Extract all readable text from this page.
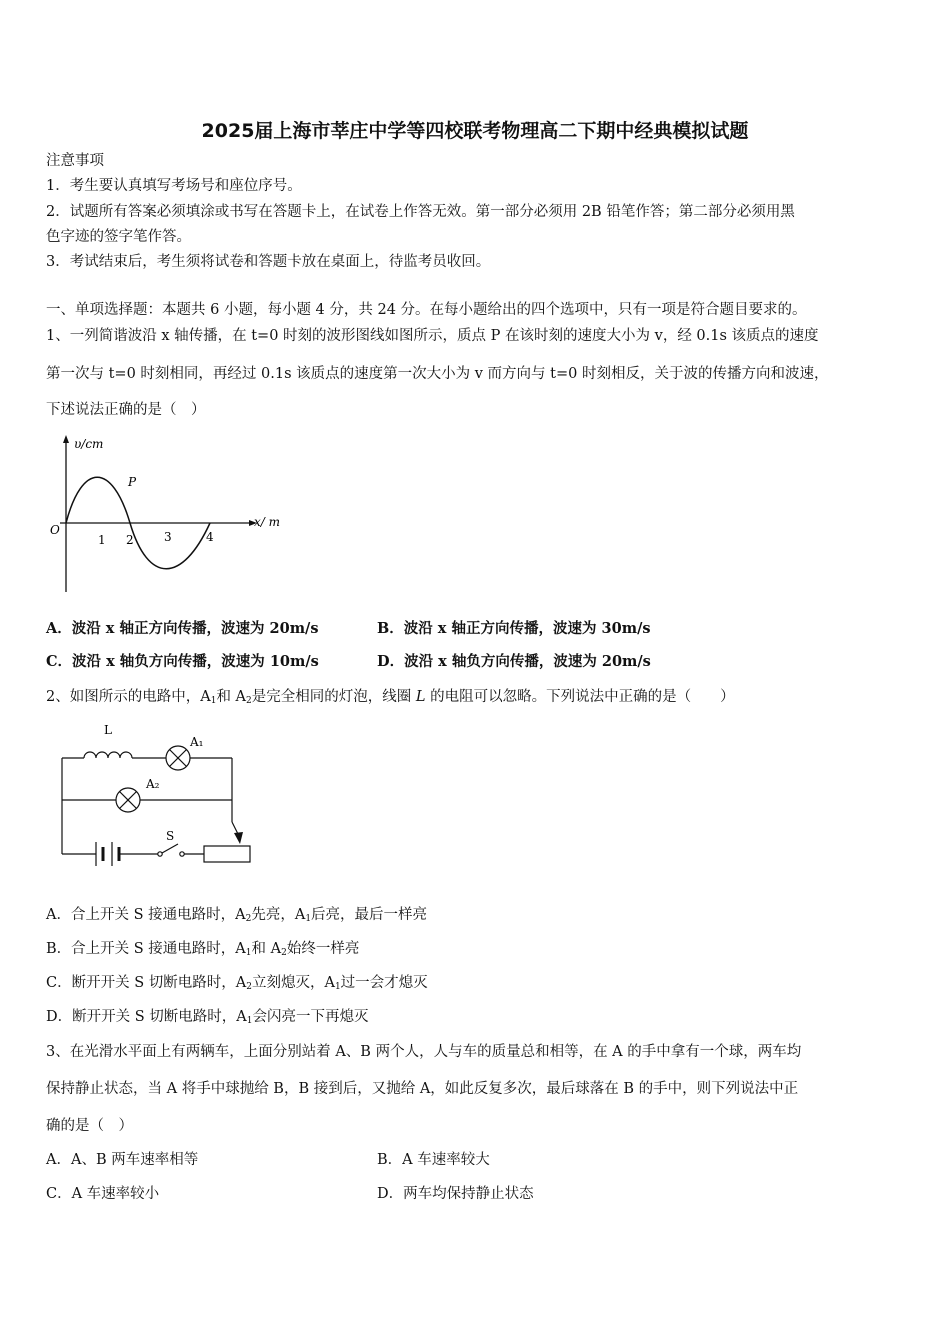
2025届上海市莘庄中学等四校联考物理高二下期中经典模拟试题
注意事项
1．考生要认真填写考场号和座位序号。
2．试题所有答案必须填涂或书写在答题卡上，在试卷上作答无效。第一部分必须用 2B 铅笔作答；第二部分必须用黑
色字迹的签字笔作答。
3．考试结束后，考生须将试卷和答题卡放在桌面上，待监考员收回。
一、单项选择题：本题共 6 小题，每小题 4 分，共 24 分。在每小题给出的四个选项中，只有一项是符合题目要求的。
1、一列简谐波沿 x 轴传播，在 t=0 时刻的波形图线如图所示，质点 P 在该时刻的速度大小为 v，经 0.1s 该质点的速度
第一次与 t=0 时刻相同，再经过 0.1s 该质点的速度第一次大小为 v 而方向与 t=0 时刻相反，关于波的传播方向和波速，
下述说法正确的是（　）
υ/cm
x/ m
O
P
1 2	3	4
A．波沿 x 轴正方向传播，波速为 20m/s	B．波沿 x 轴正方向传播，波速为 30m/s
C．波沿 x 轴负方向传播，波速为 10m/s	D．波沿 x 轴负方向传播，波速为 20m/s
2、如图所示的电路中，$A_1$和 $A_2$是完全相同的灯泡，线圈 L 的电阻可以忽略。下列说法中正确的是（　　）
L
A₁
A₂
S
A．合上开关 S 接通电路时，$A_2$先亮，$A_1$后亮，最后一样亮
B．合上开关 S 接通电路时，$A_1$和 $A_2$始终一样亮
C．断开开关 S 切断电路时，$A_2$立刻熄灭，$A_1$过一会才熄灭
D．断开开关 S 切断电路时，$A_1$会闪亮一下再熄灭
3、在光滑水平面上有两辆车，上面分别站着 A、B 两个人，人与车的质量总和相等，在 A 的手中拿有一个球，两车均
保持静止状态，当 A 将手中球抛给 B，B 接到后，又抛给 A，如此反复多次，最后球落在 B 的手中，则下列说法中正
确的是（　）
A．A、B 两车速率相等	B．A 车速率较大
C．A 车速率较小	D．两车均保持静止状态
